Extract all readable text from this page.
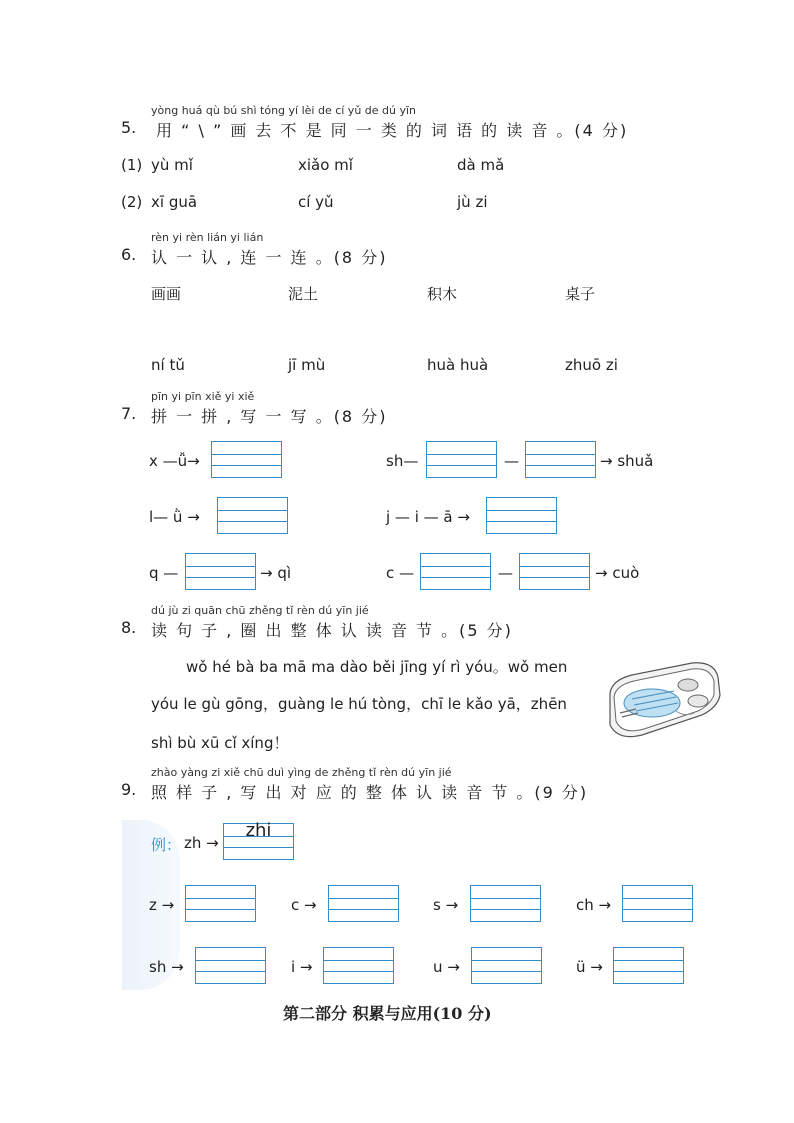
yòng huá qù bú shì tóng yí lèi de cí yǔ de dú yīn
5. 用 “ \ ” 画 去 不 是 同 一 类 的 词 语 的 读 音 。(4 分)
(1) yù mǐ	xiǎo mǐ	dà mǎ
(2) xī guā	cí yǔ	jù zi
rèn yi rèn lián yi lián
6. 认 一 认 , 连 一 连 。(8 分)
画画	泥土	积木	桌子
ní tǔ	jī mù	huà huà	zhuō zi
pīn yi pīn xiě yi xiě
7. 拼 一 拼 , 写 一 写 。(8 分)
x —ǚ→	sh—	—	→ shuǎ
l— ǜ →	j — i — ā →
q —	→ qì	c —	—	→ cuò
dú jù zi quān chū zhěng tǐ rèn dú yīn jié
8. 读 句 子 , 圈 出 整 体 认 读 音 节 。(5 分)
wǒ hé bà ba mā ma dào běi jīng yí rì yóu。wǒ men
yóu le gù gōng，guàng le hú tòng，chī le kǎo yā，zhēn
shì bù xū cǐ xíng！
zhào yàng zi xiě chū duì yìng de zhěng tǐ rèn dú yīn jié
9. 照 样 子 , 写 出 对 应 的 整 体 认 读 音 节 。(9 分)
例： zh →
zhi
z →	c →	s →	ch →
sh →	i →	u →	ü →
第二部分 积累与应用(10 分)
